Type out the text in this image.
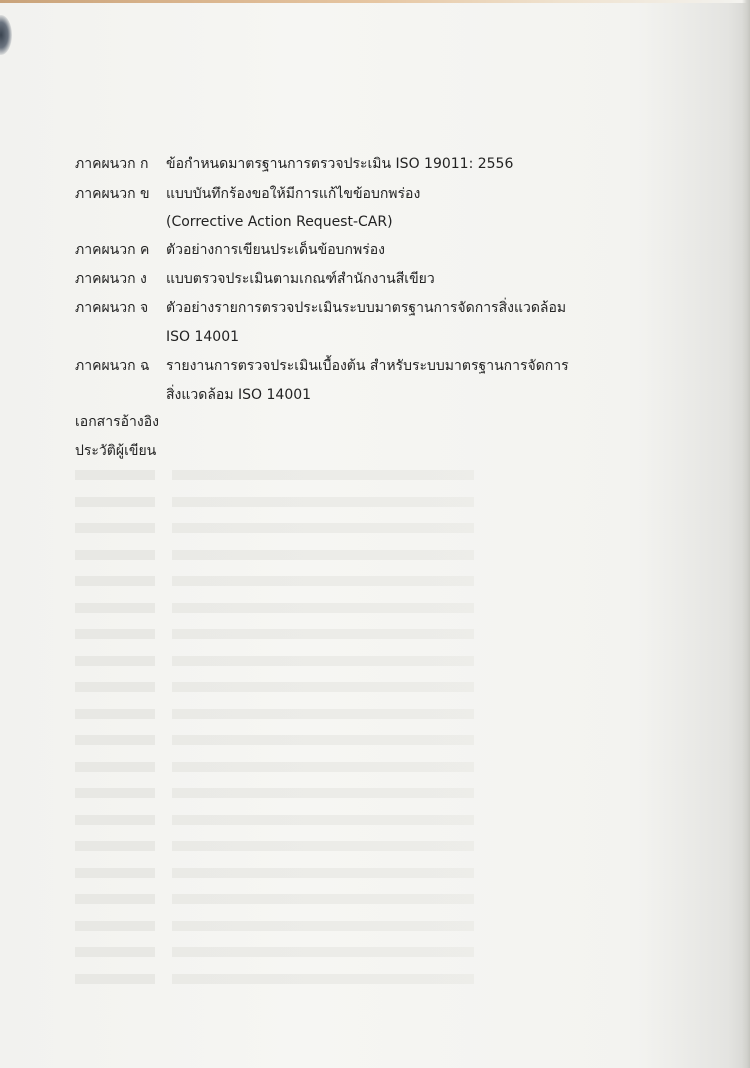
ภาคผนวก ก ข้อกำหนดมาตรฐานการตรวจประเมิน ISO 19011: 2556
ภาคผนวก ข แบบบันทึกร้องขอให้มีการแก้ไขข้อบกพร่อง
(Corrective Action Request-CAR)
ภาคผนวก ค ตัวอย่างการเขียนประเด็นข้อบกพร่อง
ภาคผนวก ง แบบตรวจประเมินตามเกณฑ์สำนักงานสีเขียว
ภาคผนวก จ ตัวอย่างรายการตรวจประเมินระบบมาตรฐานการจัดการสิ่งแวดล้อม
ISO 14001
ภาคผนวก ฉ รายงานการตรวจประเมินเบื้องต้น สำหรับระบบมาตรฐานการจัดการ
สิ่งแวดล้อม ISO 14001
เอกสารอ้างอิง
ประวัติผู้เขียน
